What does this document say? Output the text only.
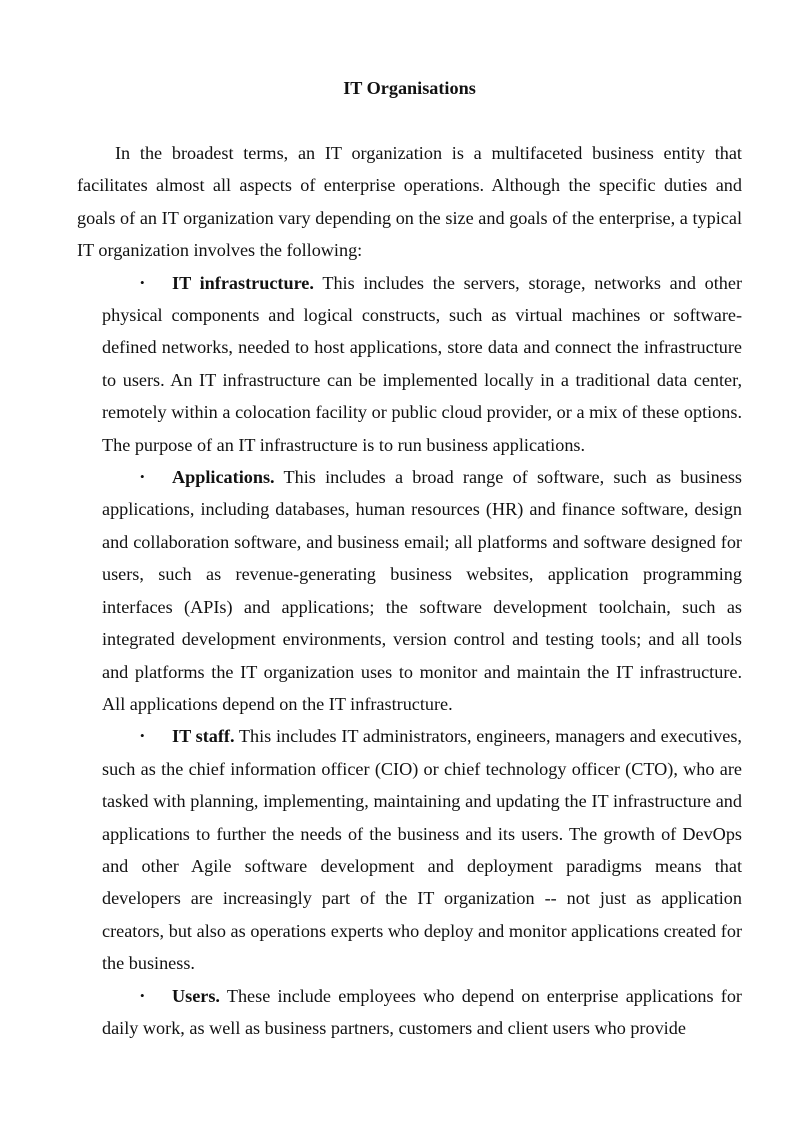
IT Organisations

In the broadest terms, an IT organization is a multifaceted business entity that facilitates almost all aspects of enterprise operations. Although the specific duties and goals of an IT organization vary depending on the size and goals of the enterprise, a typical IT organization involves the following:

• IT infrastructure. This includes the servers, storage, networks and other physical components and logical constructs, such as virtual machines or software-defined networks, needed to host applications, store data and connect the infrastructure to users. An IT infrastructure can be implemented locally in a traditional data center, remotely within a colocation facility or public cloud provider, or a mix of these options. The purpose of an IT infrastructure is to run business applications.
• Applications. This includes a broad range of software, such as business applications, including databases, human resources (HR) and finance software, design and collaboration software, and business email; all platforms and software designed for users, such as revenue-generating business websites, application programming interfaces (APIs) and applications; the software development toolchain, such as integrated development environments, version control and testing tools; and all tools and platforms the IT organization uses to monitor and maintain the IT infrastructure. All applications depend on the IT infrastructure.
• IT staff. This includes IT administrators, engineers, managers and executives, such as the chief information officer (CIO) or chief technology officer (CTO), who are tasked with planning, implementing, maintaining and updating the IT infrastructure and applications to further the needs of the business and its users. The growth of DevOps and other Agile software development and deployment paradigms means that developers are increasingly part of the IT organization -- not just as application creators, but also as operations experts who deploy and monitor applications created for the business.
• Users. These include employees who depend on enterprise applications for daily work, as well as business partners, customers and client users who provide
